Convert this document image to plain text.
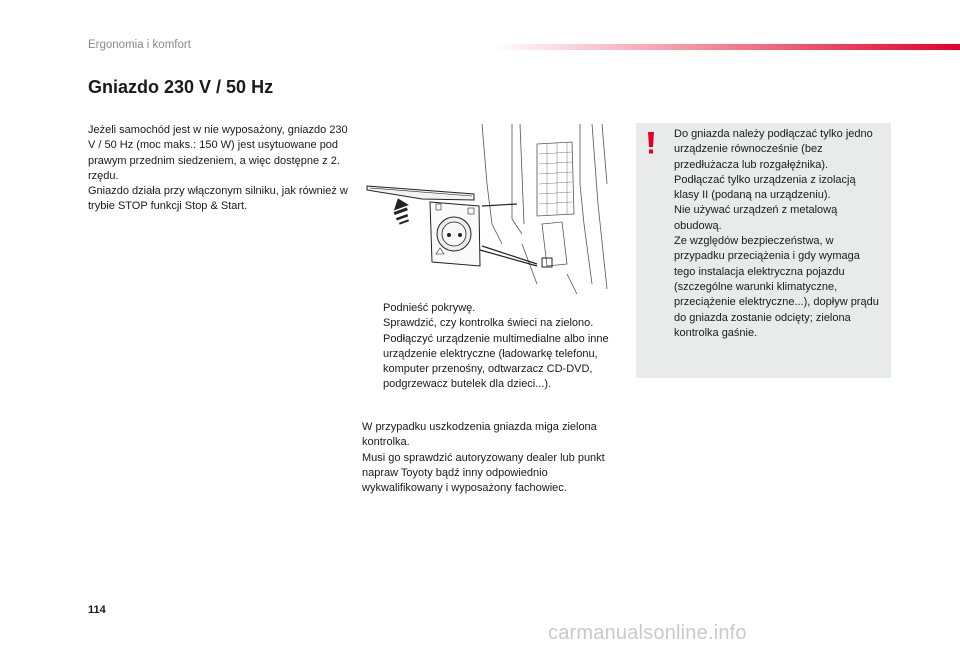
Ergonomia i komfort
Gniazdo 230 V / 50 Hz

Jeżeli samochód jest w nie wyposażony, gniazdo 230 V / 50 Hz (moc maks.: 150 W) jest usytuowane pod prawym przednim siedzeniem, a więc dostępne z 2. rzędu.

Gniazdo działa przy włączonym silniku, jak również w trybie STOP funkcji Stop & Start.

Podnieść pokrywę.
Sprawdzić, czy kontrolka świeci na zielono.
Podłączyć urządzenie multimedialne albo inne urządzenie elektryczne (ładowarkę telefonu, komputer przenośny, odtwarzacz CD-DVD, podgrzewacz butelek dla dzieci...).

W przypadku uszkodzenia gniazda miga zielona kontrolka.

Musi go sprawdzić autoryzowany dealer lub punkt napraw Toyoty bądź inny odpowiednio wykwalifikowany i wyposażony fachowiec.

Do gniazda należy podłączać tylko jedno urządzenie równocześnie (bez przedłużacza lub rozgałęźnika).

Podłączać tylko urządzenia z izolacją klasy II (podaną na urządzeniu).

Nie używać urządzeń z metalową obudową.

Ze względów bezpieczeństwa, w przypadku przeciążenia i gdy wymaga tego instalacja elektryczna pojazdu (szczególne warunki klimatyczne, przeciążenie elektryczne...), dopływ prądu do gniazda zostanie odcięty; zielona kontrolka gaśnie.

114
carmanualsonline.info
